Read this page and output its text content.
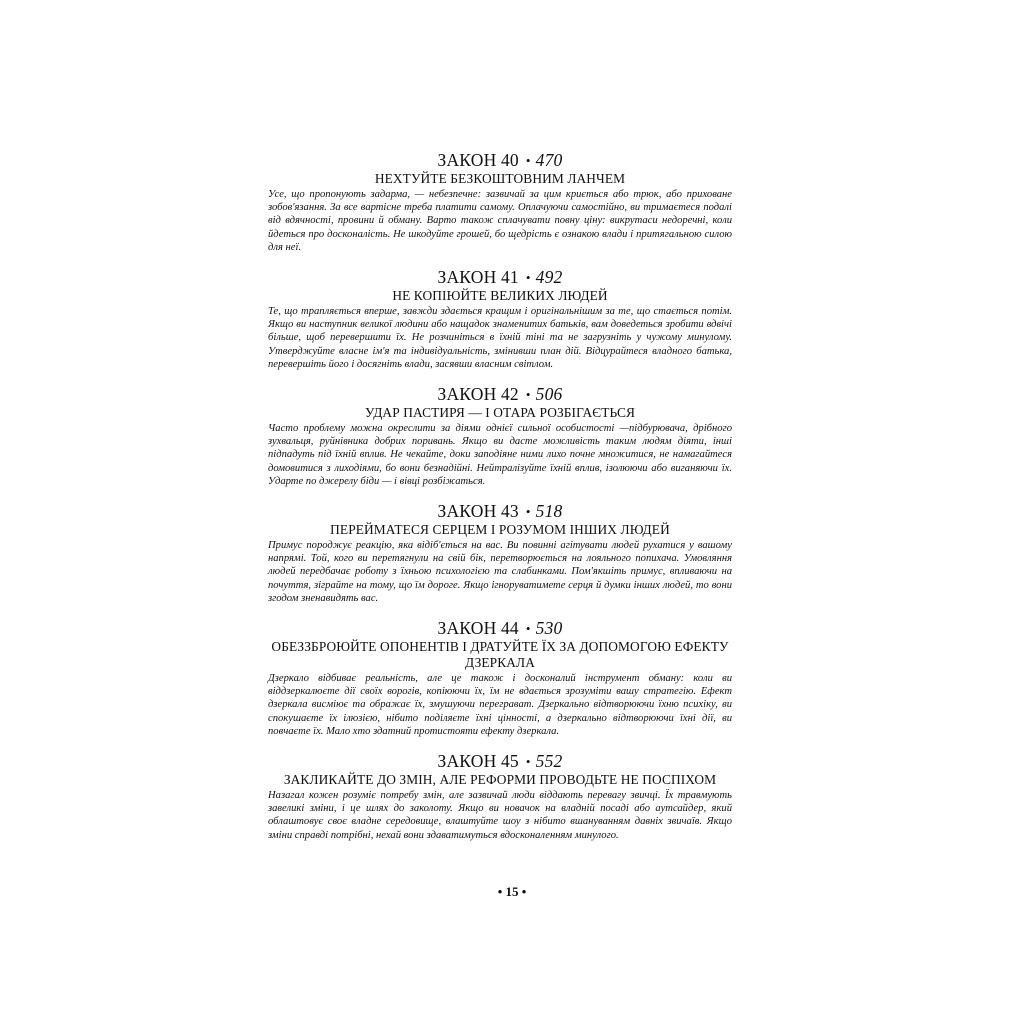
ЗАКОН 40 • 470
НЕХТУЙТЕ БЕЗКОШТОВНИМ ЛАНЧЕМ
Усе, що пропонують задарма, — небезпечне: зазвичай за цим криється або трюк, або приховане зобов'язання. За все вартісне треба платити самому. Оплачуючи самостійно, ви тримаєтеся подалі від вдячності, провини й обману. Варто також сплачувати повну ціну: викрутаси недоречні, коли йдеться про досконалість. Не шкодуйте грошей, бо щедрість є ознакою влади і притягальною силою для неї.
ЗАКОН 41 • 492
НЕ КОПІЮЙТЕ ВЕЛИКИХ ЛЮДЕЙ
Те, що трапляється вперше, завжди здається кращим і оригінальнішим за те, що стається потім. Якщо ви наступник великої людини або нащадок знаменитих батьків, вам доведеться зробити вдвічі більше, щоб перевершити їх. Не розчиніться в їхній тіні та не загрузніть у чужому минулому. Утверджуйте власне ім'я та індивідуальність, змінивши план дій. Відцурайтеся владного батька, перевершіть його і досягніть влади, засявши власним світлом.
ЗАКОН 42 • 506
УДАР ПАСТИРЯ — І ОТАРА РОЗБІГАЄТЬСЯ
Часто проблему можна окреслити за діями однієї сильної особистості —підбурювача, дрібного зухвальця, руйнівника добрих поривань. Якщо ви дасте можливість таким людям діяти, інші підпадуть під їхній вплив. Не чекайте, доки заподіяне ними лихо почне множитися, не намагайтеся домовитися з лиходіями, бо вони безнадійні. Нейтралізуйте їхній вплив, ізолюючи або виганяючи їх. Ударте по джерелу біди — і вівці розбіжаться.
ЗАКОН 43 • 518
ПЕРЕЙМАТЕСЯ СЕРЦЕМ І РОЗУМОМ ІНШИХ ЛЮДЕЙ
Примус породжує реакцію, яка відіб'ється на вас. Ви повинні агітувати людей рухатися у вашому напрямі. Той, кого ви перетягнули на свій бік, перетворюється на лояльного попихача. Умовляння людей передбачає роботу з їхньою психологією та слабинками. Пом'якшіть примус, впливаючи на почуття, зіграйте на тому, що їм дороге. Якщо ігноруватимете серця й думки інших людей, то вони згодом зненавидять вас.
ЗАКОН 44 • 530
ОБЕЗЗБРОЮЙТЕ ОПОНЕНТІВ І ДРАТУЙТЕ ЇХ ЗА ДОПОМОГОЮ ЕФЕКТУ ДЗЕРКАЛА
Дзеркало відбиває реальність, але це також і досконалий інструмент обману: коли ви віддзеркалюєте дії своїх ворогів, копіюючи їх, їм не вдається зрозуміти вашу стратегію. Ефект дзеркала висміює та ображає їх, змушуючи переграват. Дзеркально відтворюючи їхню психіку, ви спокушаєте їх ілюзією, нібито поділяєте їхні цінності, а дзеркально відтворюючи їхні дії, ви повчаєте їх. Мало хто здатний протистояти ефекту дзеркала.
ЗАКОН 45 • 552
ЗАКЛИКАЙТЕ ДО ЗМІН, АЛЕ РЕФОРМИ ПРОВОДЬТЕ НЕ ПОСПІХОМ
Назагал кожен розуміє потребу змін, але зазвичай люди віддають перевагу звичці. Їх травмують завеликі зміни, і це шлях до заколоту. Якщо ви новачок на владній посаді або аутсайдер, який облаштовує своє владне середовище, влаштуйте шоу з нібито вшануванням давніх звичаїв. Якщо зміни справді потрібні, нехай вони здаватимуться вдосконаленням минулого.
• 15 •
